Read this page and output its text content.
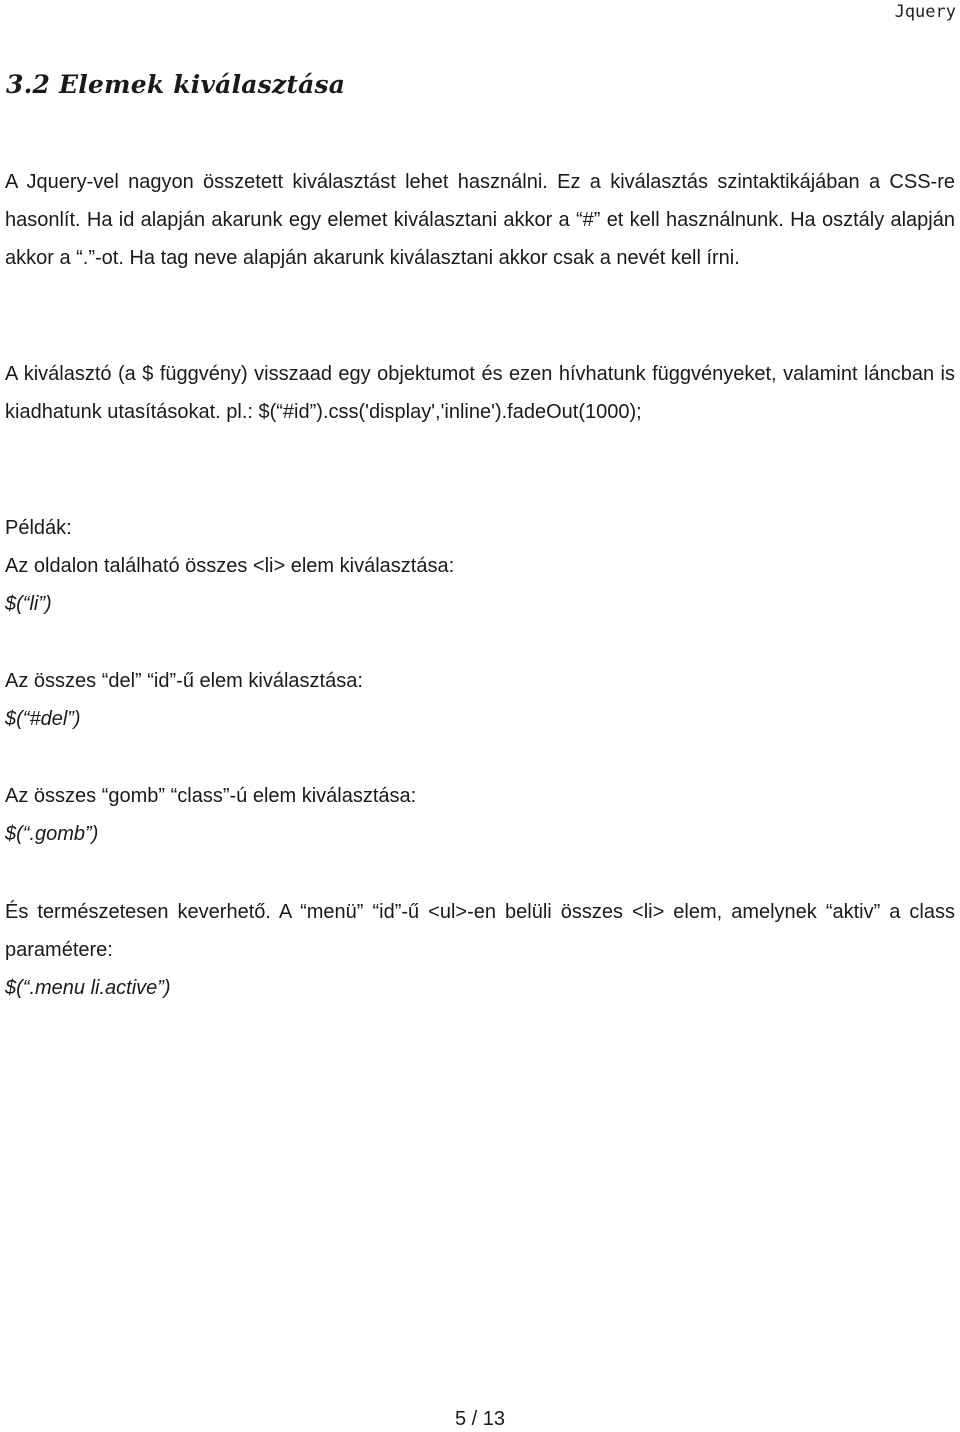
Jquery
3.2 Elemek kiválasztása

A Jquery-vel nagyon összetett kiválasztást lehet használni. Ez a kiválasztás szintaktikájában a CSS-re hasonlít. Ha id alapján akarunk egy elemet kiválasztani akkor a “#” et kell használnunk. Ha osztály alapján akkor a “.”-ot. Ha tag neve alapján akarunk kiválasztani akkor csak a nevét kell írni.

A kiválasztó (a $ függvény) visszaad egy objektumot és ezen hívhatunk függvényeket, valamint láncban is kiadhatunk utasításokat. pl.: $(“#id”).css('display','inline').fadeOut(1000);

Példák:

Az oldalon található összes <li> elem kiválasztása:

$(“li”)

Az összes “del” “id”-ű elem kiválasztása:

$(“#del”)

Az összes “gomb” “class”-ú elem kiválasztása:

$(“.gomb”)

És természetesen keverhető. A “menü” “id”-ű <ul>-en belüli összes <li> elem, amelynek “aktiv” a class paramétere:

$(“.menu li.active”)

5 / 13
